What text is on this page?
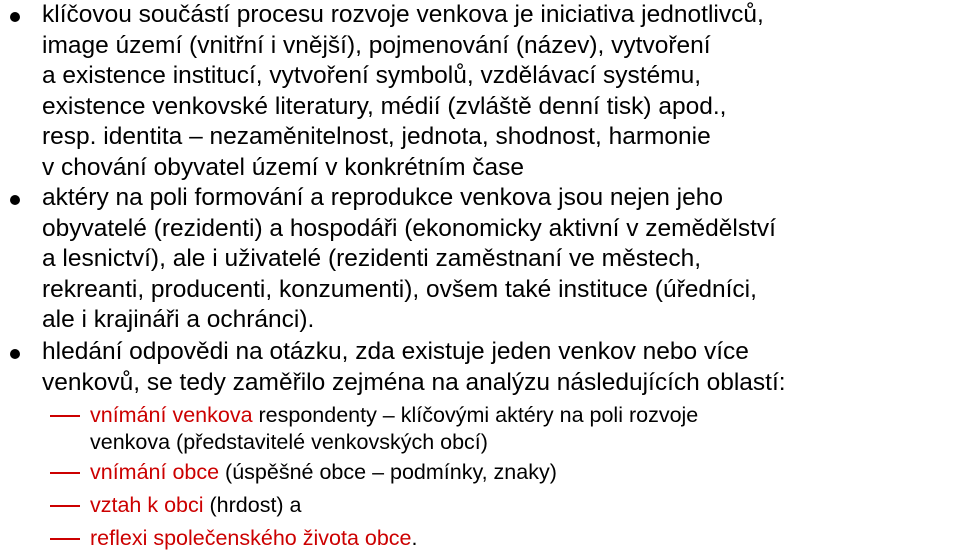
klíčovou součástí procesu rozvoje venkova je iniciativa jednotlivců,
image území (vnitřní i vnější), pojmenování (název), vytvoření
a existence institucí, vytvoření symbolů, vzdělávací systému,
existence venkovské literatury, médií (zvláště denní tisk) apod.,
resp. identita – nezaměnitelnost, jednota, shodnost, harmonie
v chování obyvatel území v konkrétním čase
aktéry na poli formování a reprodukce venkova jsou nejen jeho
obyvatelé (rezidenti) a hospodáři (ekonomicky aktivní v zemědělství
a lesnictví), ale i uživatelé (rezidenti zaměstnaní ve městech,
rekreanti, producenti, konzumenti), ovšem také instituce (úředníci,
ale i krajináři a ochránci).
hledání odpovědi na otázku, zda existuje jeden venkov nebo více
venkovů, se tedy zaměřilo zejména na analýzu následujících oblastí:
vnímání venkova respondenty – klíčovými aktéry na poli rozvoje
venkova (představitelé venkovských obcí)
vnímání obce (úspěšné obce – podmínky, znaky)
vztah k obci (hrdost) a
reflexi společenského života obce.
